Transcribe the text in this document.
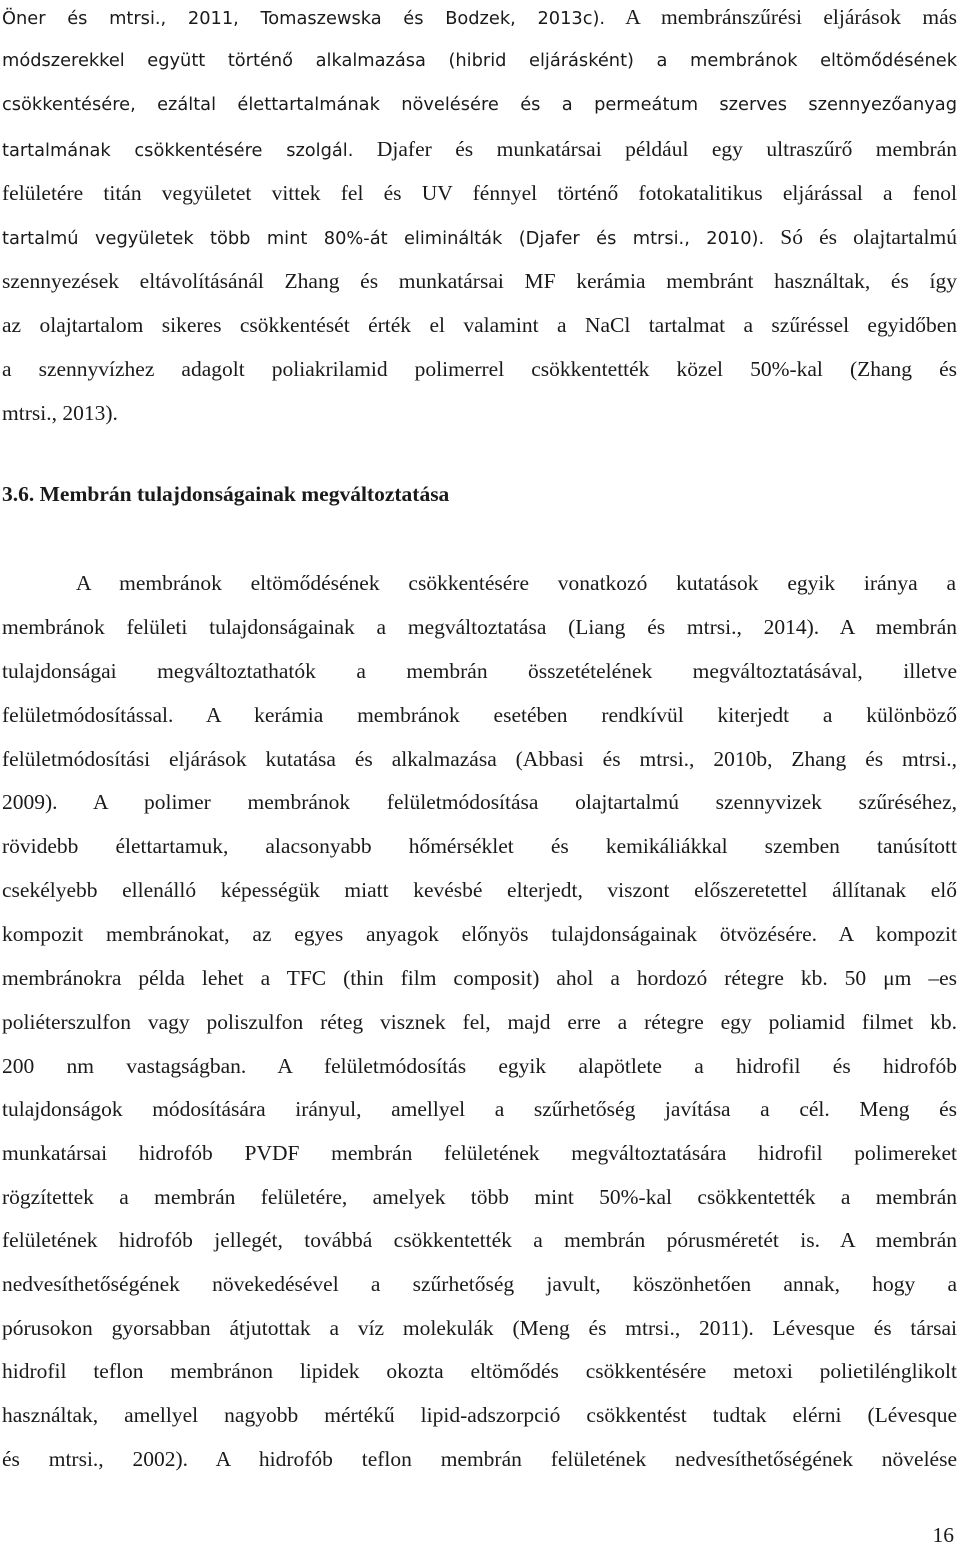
Öner és mtrsi., 2011, Tomaszewska és Bodzek, 2013c). A membránszűrési eljárások más
módszerekkel együtt történő alkalmazása (hibrid eljárásként) a membránok eltömődésének
csökkentésére, ezáltal élettartalmának növelésére és a permeátum szerves szennyezőanyag
tartalmának csökkentésére szolgál. Djafer és munkatársai például egy ultraszűrő membrán
felületére titán vegyületet vittek fel és UV fénnyel történő fotokatalitikus eljárással a fenol
tartalmú vegyületek több mint 80%-át eliminálták (Djafer és mtrsi., 2010). Só és olajtartalmú
szennyezések eltávolításánál Zhang és munkatársai MF kerámia membránt használtak, és így
az olajtartalom sikeres csökkentését érték el valamint a NaCl tartalmat a szűréssel egyidőben
a szennyvízhez adagolt poliakrilamid polimerrel csökkentették közel 50%-kal (Zhang és
mtrsi., 2013).
3.6. Membrán tulajdonságainak megváltoztatása
A membránok eltömődésének csökkentésére vonatkozó kutatások egyik iránya a
membránok felületi tulajdonságainak a megváltoztatása (Liang és mtrsi., 2014). A membrán
tulajdonságai megváltoztathatók a membrán összetételének megváltoztatásával, illetve
felületmódosítással. A kerámia membránok esetében rendkívül kiterjedt a különböző
felületmódosítási eljárások kutatása és alkalmazása (Abbasi és mtrsi., 2010b, Zhang és mtrsi.,
2009). A polimer membránok felületmódosítása olajtartalmú szennyvizek szűréséhez,
rövidebb élettartamuk, alacsonyabb hőmérséklet és kemikáliákkal szemben tanúsított
csekélyebb ellenálló képességük miatt kevésbé elterjedt, viszont előszeretettel állítanak elő
kompozit membránokat, az egyes anyagok előnyös tulajdonságainak ötvözésére. A kompozit
membránokra példa lehet a TFC (thin film composit) ahol a hordozó rétegre kb. 50 μm –es
poliéterszulfon vagy poliszulfon réteg visznek fel, majd erre a rétegre egy poliamid filmet kb.
200 nm vastagságban. A felületmódosítás egyik alapötlete a hidrofil és hidrofób
tulajdonságok módosítására irányul, amellyel a szűrhetőség javítása a cél. Meng és
munkatársai hidrofób PVDF membrán felületének megváltoztatására hidrofil polimereket
rögzítettek a membrán felületére, amelyek több mint 50%-kal csökkentették a membrán
felületének hidrofób jellegét, továbbá csökkentették a membrán pórusméretét is. A membrán
nedvesíthetőségének növekedésével a szűrhetőség javult, köszönhetően annak, hogy a
pórusokon gyorsabban átjutottak a víz molekulák (Meng és mtrsi., 2011). Lévesque és társai
hidrofil teflon membránon lipidek okozta eltömődés csökkentésére metoxi polietilénglikolt
használtak, amellyel nagyobb mértékű lipid-adszorpció csökkentést tudtak elérni (Lévesque
és mtrsi., 2002). A hidrofób teflon membrán felületének nedvesíthetőségének növelése
16
